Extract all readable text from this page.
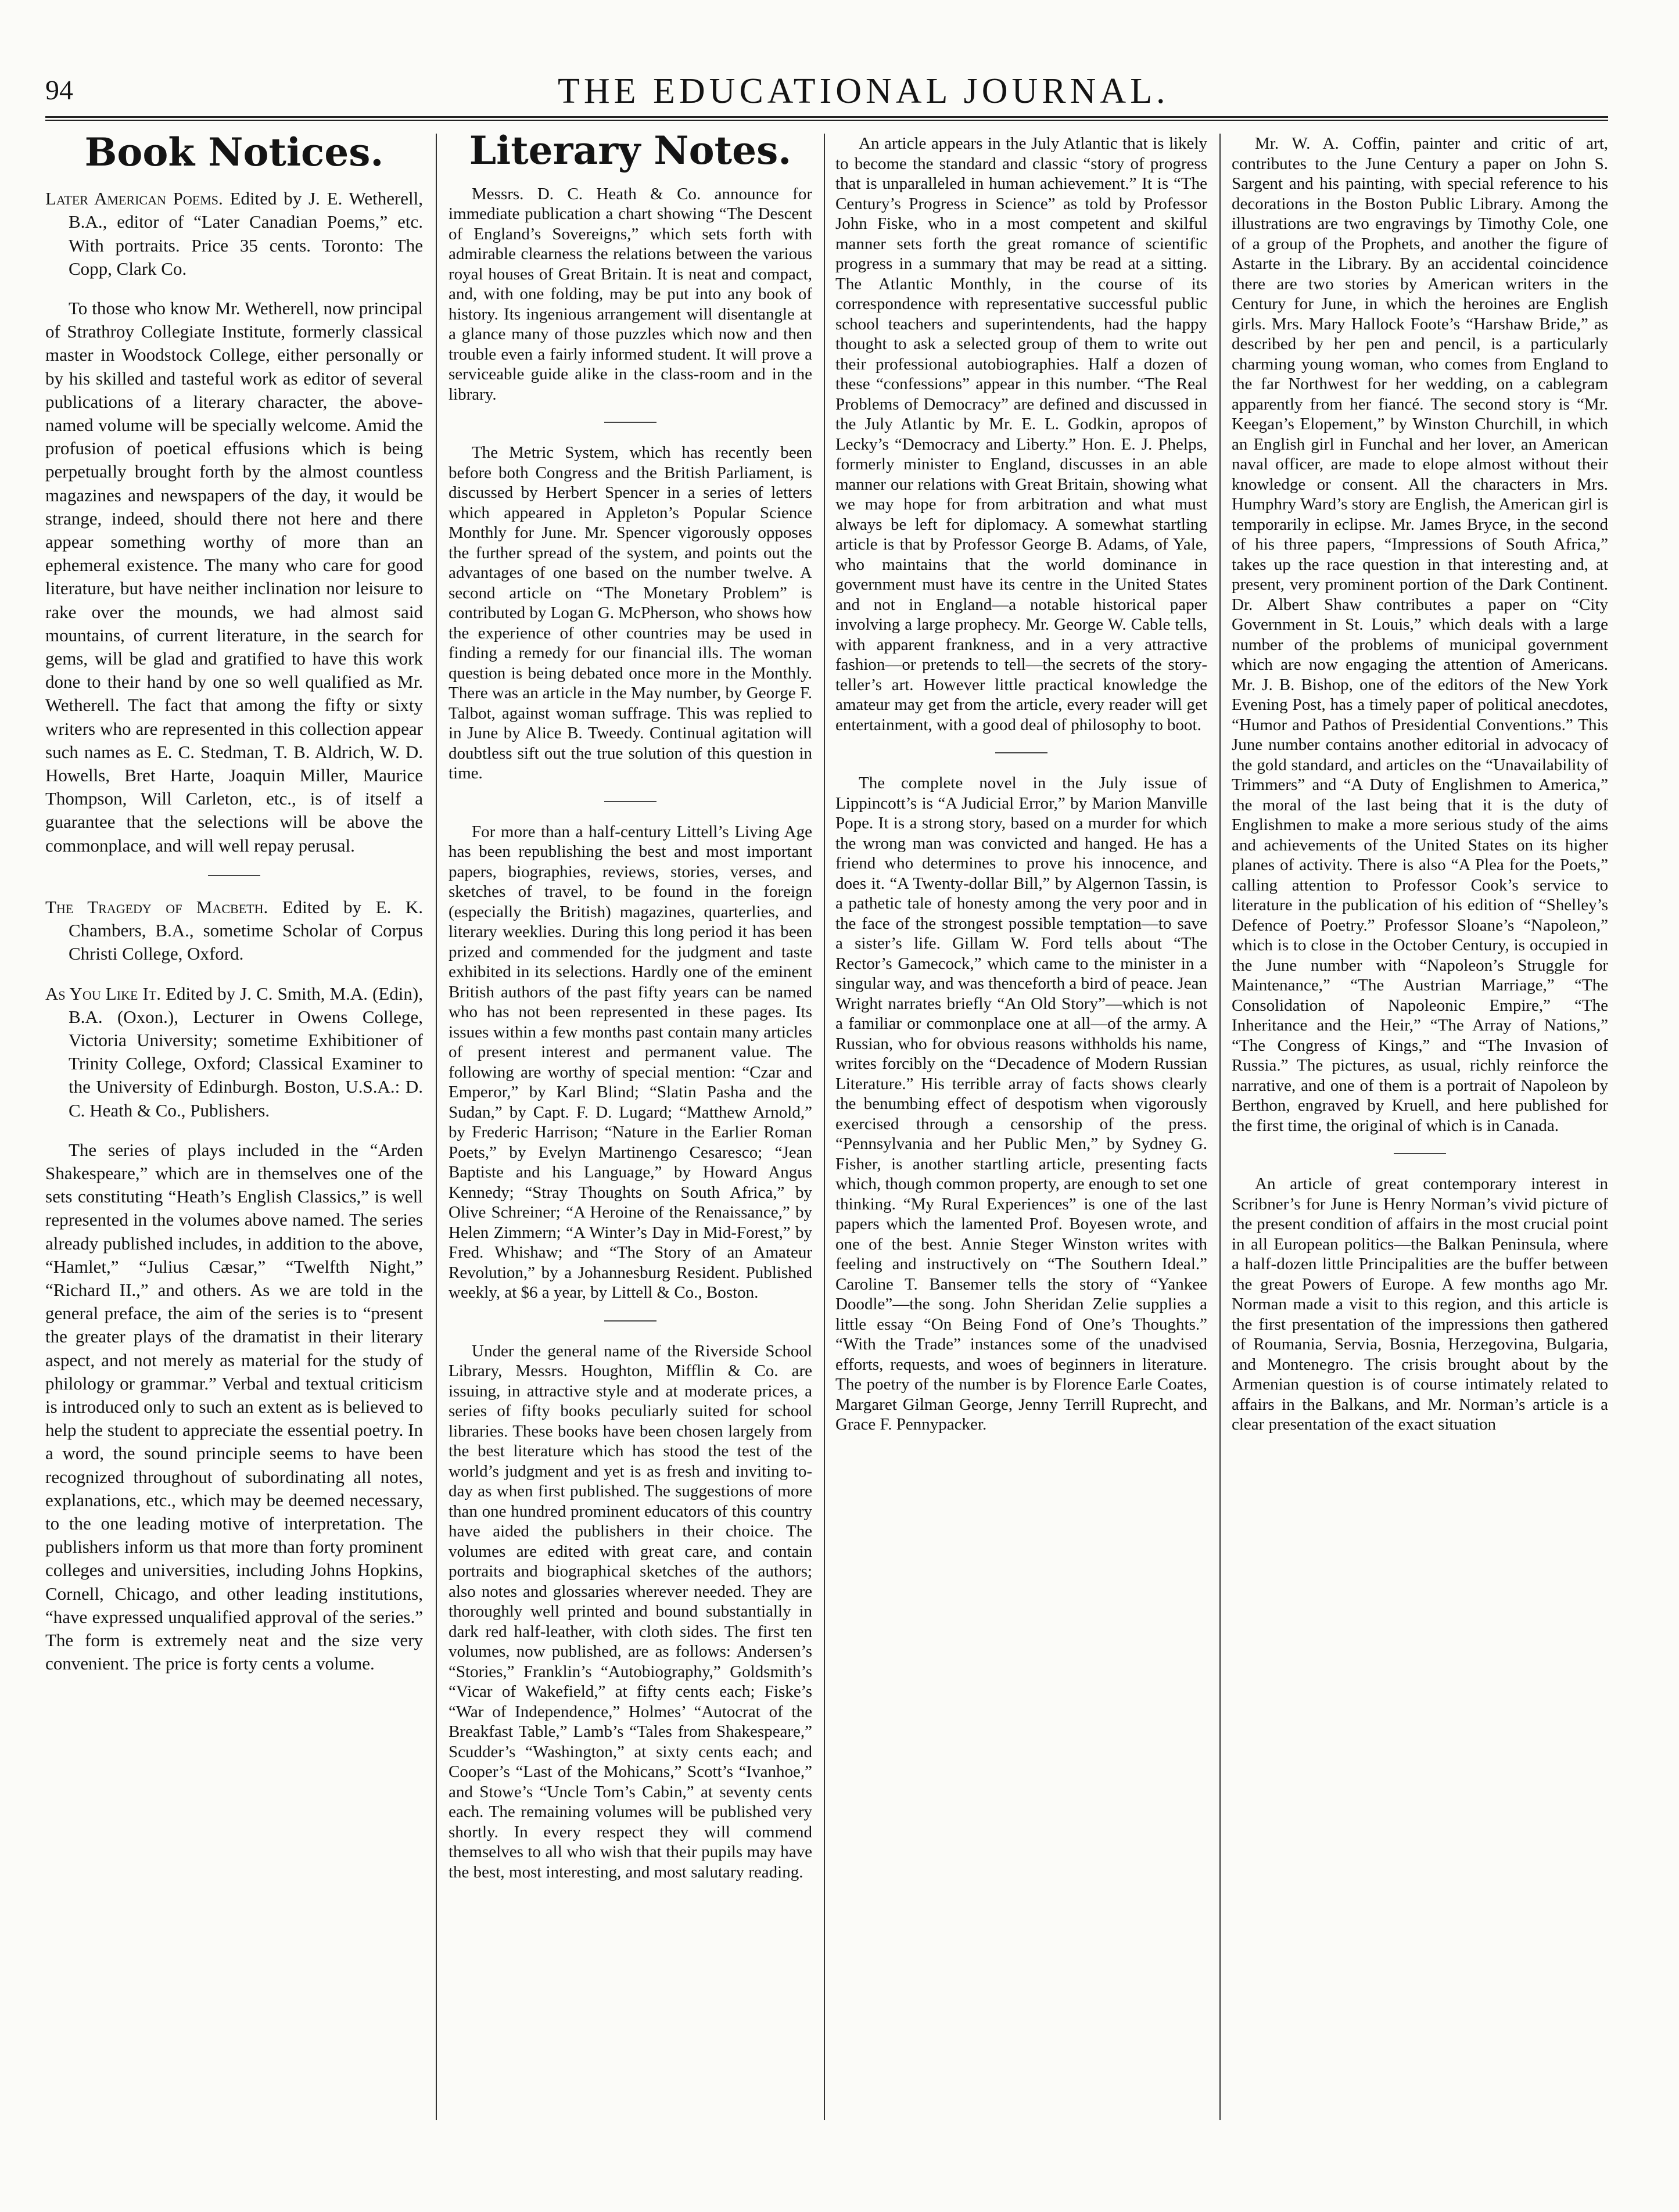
94	THE EDUCATIONAL JOURNAL.
Book Notices.

Later American Poems. Edited by J. E. Wetherell, B.A., editor of “Later Canadian Poems,” etc. With portraits. Price 35 cents. Toronto: The Copp, Clark Co.

To those who know Mr. Wetherell, now principal of Strathroy Collegiate Institute, formerly classical master in Woodstock College, either personally or by his skilled and tasteful work as editor of several publications of a literary character, the above-named volume will be specially welcome. Amid the profusion of poetical effusions which is being perpetually brought forth by the almost countless magazines and newspapers of the day, it would be strange, indeed, should there not here and there appear something worthy of more than an ephemeral existence. The many who care for good literature, but have neither inclination nor leisure to rake over the mounds, we had almost said mountains, of current literature, in the search for gems, will be glad and gratified to have this work done to their hand by one so well qualified as Mr. Wetherell. The fact that among the fifty or sixty writers who are represented in this collection appear such names as E. C. Stedman, T. B. Aldrich, W. D. Howells, Bret Harte, Joaquin Miller, Maurice Thompson, Will Carleton, etc., is of itself a guarantee that the selections will be above the commonplace, and will well repay perusal.

The Tragedy of Macbeth. Edited by E. K. Chambers, B.A., sometime Scholar of Corpus Christi College, Oxford.

As You Like It. Edited by J. C. Smith, M.A. (Edin), B.A. (Oxon.), Lecturer in Owens College, Victoria University; sometime Exhibitioner of Trinity College, Oxford; Classical Examiner to the University of Edinburgh. Boston, U.S.A.: D. C. Heath & Co., Publishers.

The series of plays included in the “Arden Shakespeare,” which are in themselves one of the sets constituting “Heath’s English Classics,” is well represented in the volumes above named. The series already published includes, in addition to the above, “Hamlet,” “Julius Cæsar,” “Twelfth Night,” “Richard II.,” and others. As we are told in the general preface, the aim of the series is to “present the greater plays of the dramatist in their literary aspect, and not merely as material for the study of philology or grammar.” Verbal and textual criticism is introduced only to such an extent as is believed to help the student to appreciate the essential poetry. In a word, the sound principle seems to have been recognized throughout of subordinating all notes, explanations, etc., which may be deemed necessary, to the one leading motive of interpretation. The publishers inform us that more than forty prominent colleges and universities, including Johns Hopkins, Cornell, Chicago, and other leading institutions, “have expressed unqualified approval of the series.” The form is extremely neat and the size very convenient. The price is forty cents a volume.

Literary Notes.

Messrs. D. C. Heath & Co. announce for immediate publication a chart showing “The Descent of England’s Sovereigns,” which sets forth with admirable clearness the relations between the various royal houses of Great Britain. It is neat and compact, and, with one folding, may be put into any book of history. Its ingenious arrangement will disentangle at a glance many of those puzzles which now and then trouble even a fairly informed student. It will prove a serviceable guide alike in the class-room and in the library.

The Metric System, which has recently been before both Congress and the British Parliament, is discussed by Herbert Spencer in a series of letters which appeared in Appleton’s Popular Science Monthly for June. Mr. Spencer vigorously opposes the further spread of the system, and points out the advantages of one based on the number twelve. A second article on “The Monetary Problem” is contributed by Logan G. McPherson, who shows how the experience of other countries may be used in finding a remedy for our financial ills. The woman question is being debated once more in the Monthly. There was an article in the May number, by George F. Talbot, against woman suffrage. This was replied to in June by Alice B. Tweedy. Continual agitation will doubtless sift out the true solution of this question in time.

For more than a half-century Littell’s Living Age has been republishing the best and most important papers, biographies, reviews, stories, verses, and sketches of travel, to be found in the foreign (especially the British) magazines, quarterlies, and literary weeklies. During this long period it has been prized and commended for the judgment and taste exhibited in its selections. Hardly one of the eminent British authors of the past fifty years can be named who has not been represented in these pages. Its issues within a few months past contain many articles of present interest and permanent value. The following are worthy of special mention: “Czar and Emperor,” by Karl Blind; “Slatin Pasha and the Sudan,” by Capt. F. D. Lugard; “Matthew Arnold,” by Frederic Harrison; “Nature in the Earlier Roman Poets,” by Evelyn Martinengo Cesaresco; “Jean Baptiste and his Language,” by Howard Angus Kennedy; “Stray Thoughts on South Africa,” by Olive Schreiner; “A Heroine of the Renaissance,” by Helen Zimmern; “A Winter’s Day in Mid-Forest,” by Fred. Whishaw; and “The Story of an Amateur Revolution,” by a Johannesburg Resident. Published weekly, at $6 a year, by Littell & Co., Boston.

Under the general name of the Riverside School Library, Messrs. Houghton, Mifflin & Co. are issuing, in attractive style and at moderate prices, a series of fifty books peculiarly suited for school libraries. These books have been chosen largely from the best literature which has stood the test of the world’s judgment and yet is as fresh and inviting to-day as when first published. The suggestions of more than one hundred prominent educators of this country have aided the publishers in their choice. The volumes are edited with great care, and contain portraits and biographical sketches of the authors; also notes and glossaries wherever needed. They are thoroughly well printed and bound substantially in dark red half-leather, with cloth sides. The first ten volumes, now published, are as follows: Andersen’s “Stories,” Franklin’s “Autobiography,” Goldsmith’s “Vicar of Wakefield,” at fifty cents each; Fiske’s “War of Independence,” Holmes’ “Autocrat of the Breakfast Table,” Lamb’s “Tales from Shakespeare,” Scudder’s “Washington,” at sixty cents each; and Cooper’s “Last of the Mohicans,” Scott’s “Ivanhoe,” and Stowe’s “Uncle Tom’s Cabin,” at seventy cents each. The remaining volumes will be published very shortly. In every respect they will commend themselves to all who wish that their pupils may have the best, most interesting, and most salutary reading.

An article appears in the July Atlantic that is likely to become the standard and classic “story of progress that is unparalleled in human achievement.” It is “The Century’s Progress in Science” as told by Professor John Fiske, who in a most competent and skilful manner sets forth the great romance of scientific progress in a summary that may be read at a sitting. The Atlantic Monthly, in the course of its correspondence with representative successful public school teachers and superintendents, had the happy thought to ask a selected group of them to write out their professional autobiographies. Half a dozen of these “confessions” appear in this number. “The Real Problems of Democracy” are defined and discussed in the July Atlantic by Mr. E. L. Godkin, apropos of Lecky’s “Democracy and Liberty.” Hon. E. J. Phelps, formerly minister to England, discusses in an able manner our relations with Great Britain, showing what we may hope for from arbitration and what must always be left for diplomacy. A somewhat startling article is that by Professor George B. Adams, of Yale, who maintains that the world dominance in government must have its centre in the United States and not in England—a notable historical paper involving a large prophecy. Mr. George W. Cable tells, with apparent frankness, and in a very attractive fashion—or pretends to tell—the secrets of the story-teller’s art. However little practical knowledge the amateur may get from the article, every reader will get entertainment, with a good deal of philosophy to boot.

The complete novel in the July issue of Lippincott’s is “A Judicial Error,” by Marion Manville Pope. It is a strong story, based on a murder for which the wrong man was convicted and hanged. He has a friend who determines to prove his innocence, and does it. “A Twenty-dollar Bill,” by Algernon Tassin, is a pathetic tale of honesty among the very poor and in the face of the strongest possible temptation—to save a sister’s life. Gillam W. Ford tells about “The Rector’s Gamecock,” which came to the minister in a singular way, and was thenceforth a bird of peace. Jean Wright narrates briefly “An Old Story”—which is not a familiar or commonplace one at all—of the army. A Russian, who for obvious reasons withholds his name, writes forcibly on the “Decadence of Modern Russian Literature.” His terrible array of facts shows clearly the benumbing effect of despotism when vigorously exercised through a censorship of the press. “Pennsylvania and her Public Men,” by Sydney G. Fisher, is another startling article, presenting facts which, though common property, are enough to set one thinking. “My Rural Experiences” is one of the last papers which the lamented Prof. Boyesen wrote, and one of the best. Annie Steger Winston writes with feeling and instructively on “The Southern Ideal.” Caroline T. Bansemer tells the story of “Yankee Doodle”—the song. John Sheridan Zelie supplies a little essay “On Being Fond of One’s Thoughts.” “With the Trade” instances some of the unadvised efforts, requests, and woes of beginners in literature. The poetry of the number is by Florence Earle Coates, Margaret Gilman George, Jenny Terrill Ruprecht, and Grace F. Pennypacker.

Mr. W. A. Coffin, painter and critic of art, contributes to the June Century a paper on John S. Sargent and his painting, with special reference to his decorations in the Boston Public Library. Among the illustrations are two engravings by Timothy Cole, one of a group of the Prophets, and another the figure of Astarte in the Library. By an accidental coincidence there are two stories by American writers in the Century for June, in which the heroines are English girls. Mrs. Mary Hallock Foote’s “Harshaw Bride,” as described by her pen and pencil, is a particularly charming young woman, who comes from England to the far Northwest for her wedding, on a cablegram apparently from her fiancé. The second story is “Mr. Keegan’s Elopement,” by Winston Churchill, in which an English girl in Funchal and her lover, an American naval officer, are made to elope almost without their knowledge or consent. All the characters in Mrs. Humphry Ward’s story are English, the American girl is temporarily in eclipse. Mr. James Bryce, in the second of his three papers, “Impressions of South Africa,” takes up the race question in that interesting and, at present, very prominent portion of the Dark Continent. Dr. Albert Shaw contributes a paper on “City Government in St. Louis,” which deals with a large number of the problems of municipal government which are now engaging the attention of Americans. Mr. J. B. Bishop, one of the editors of the New York Evening Post, has a timely paper of political anecdotes, “Humor and Pathos of Presidential Conventions.” This June number contains another editorial in advocacy of the gold standard, and articles on the “Unavailability of Trimmers” and “A Duty of Englishmen to America,” the moral of the last being that it is the duty of Englishmen to make a more serious study of the aims and achievements of the United States on its higher planes of activity. There is also “A Plea for the Poets,” calling attention to Professor Cook’s service to literature in the publication of his edition of “Shelley’s Defence of Poetry.” Professor Sloane’s “Napoleon,” which is to close in the October Century, is occupied in the June number with “Napoleon’s Struggle for Maintenance,” “The Austrian Marriage,” “The Consolidation of Napoleonic Empire,” “The Inheritance and the Heir,” “The Array of Nations,” “The Congress of Kings,” and “The Invasion of Russia.” The pictures, as usual, richly reinforce the narrative, and one of them is a portrait of Napoleon by Berthon, engraved by Kruell, and here published for the first time, the original of which is in Canada.

An article of great contemporary interest in Scribner’s for June is Henry Norman’s vivid picture of the present condition of affairs in the most crucial point in all European politics—the Balkan Peninsula, where a half-dozen little Principalities are the buffer between the great Powers of Europe. A few months ago Mr. Norman made a visit to this region, and this article is the first presentation of the impressions then gathered of Roumania, Servia, Bosnia, Herzegovina, Bulgaria, and Montenegro. The crisis brought about by the Armenian question is of course intimately related to affairs in the Balkans, and Mr. Norman’s article is a clear presentation of the exact situation
